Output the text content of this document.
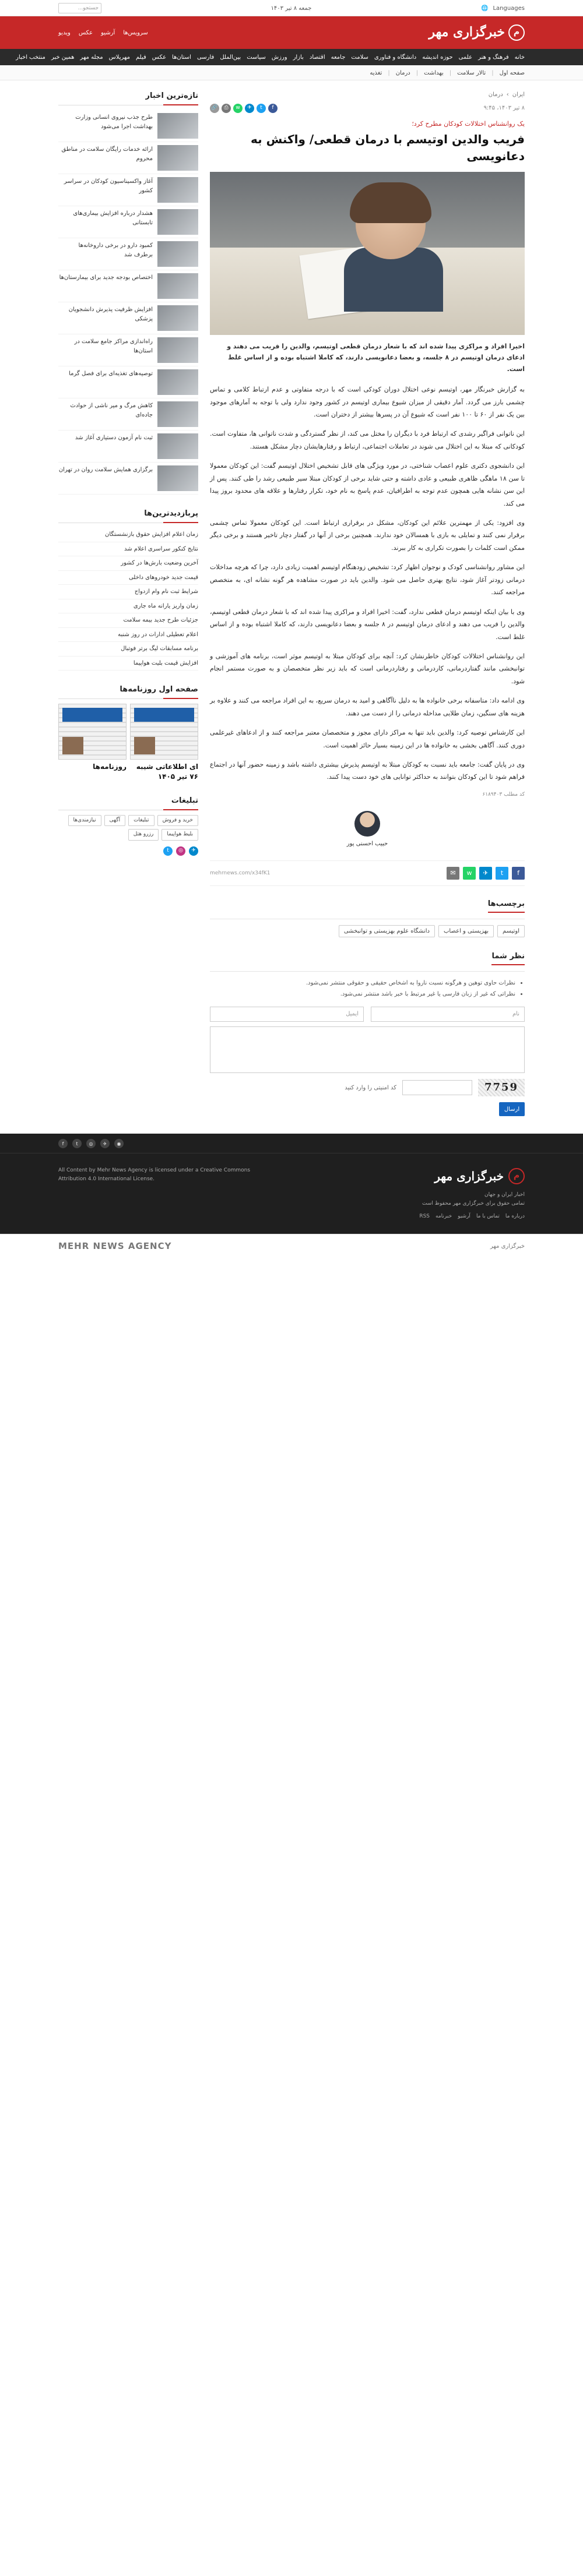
Languages
🌐
جمعه ۸ تیر ۱۴۰۳
جستجو...
م
خبرگزاری مهر
سرویس‌ها
آرشیو
عکس
ویدیو
خانه
فرهنگ و هنر
علمی
حوزه اندیشه
دانشگاه و فناوری
سلامت
جامعه
اقتصاد
بازار
ورزش
سیاست
بین‌الملل
فارسی
استان‌ها
عکس
فیلم
مهرپلاس
مجله مهر
همین خبر
منتخب اخبار
صفحه اول
|
تالار سلامت
|
بهداشت
|
درمان
|
تغذیه
ایران
›
درمان
۸ تیر ۱۴۰۳، ۹:۴۵
f
t
✈
w
⎙
🔗
یک روانشناس اختلالات کودکان مطرح کرد؛
فریب والدین اوتیسم با درمان قطعی/ واکنش به دعانویسی

اخیرا افراد و مراکزی پیدا شده اند که با شعار درمان قطعی اوتیسم، والدین را فریب می دهند و ادعای درمان اوتیسم در ۸ جلسه، و بعضا دعانویسی دارند، که کاملا اشتباه بوده و از اساس غلط است.

به گزارش خبرنگار مهر، اوتیسم نوعی اختلال دوران کودکی است که با درجه متفاوتی و عدم ارتباط کلامی و تماس چشمی بارز می گردد. آمار دقیقی از میزان شیوع بیماری اوتیسم در کشور وجود ندارد ولی با توجه به آمارهای موجود بین یک نفر از ۶۰ تا ۱۰۰ نفر است که شیوع آن در پسرها بیشتر از دختران است.

این ناتوانی فراگیر رشدی که ارتباط فرد با دیگران را مختل می کند، از نظر گستردگی و شدت ناتوانی ها، متفاوت است. کودکانی که مبتلا به این اختلال می شوند در تعاملات اجتماعی، ارتباط و رفتارهایشان دچار مشکل هستند.

این دانشجوی دکتری علوم اعصاب شناختی، در مورد ویژگی های قابل تشخیص اختلال اوتیسم گفت: این کودکان معمولا تا سن ۱۸ ماهگی ظاهری طبیعی و عادی داشته و حتی شاید برخی از کودکان مبتلا سیر طبیعی رشد را طی کنند. پس از این سن نشانه هایی همچون عدم توجه به اطرافیان، عدم پاسخ به نام خود، تکرار رفتارها و علاقه های محدود بروز پیدا می کند.

وی افزود: یکی از مهمترین علائم این کودکان، مشکل در برقراری ارتباط است. این کودکان معمولا تماس چشمی برقرار نمی کنند و تمایلی به بازی با همسالان خود ندارند. همچنین برخی از آنها در گفتار دچار تاخیر هستند و برخی دیگر ممکن است کلمات را بصورت تکراری به کار ببرند.

این مشاور روانشناسی کودک و نوجوان اظهار کرد: تشخیص زودهنگام اوتیسم اهمیت زیادی دارد، چرا که هرچه مداخلات درمانی زودتر آغاز شود، نتایج بهتری حاصل می شود. والدین باید در صورت مشاهده هر گونه نشانه ای، به متخصص مراجعه کنند.

وی با بیان اینکه اوتیسم درمان قطعی ندارد، گفت: اخیرا افراد و مراکزی پیدا شده اند که با شعار درمان قطعی اوتیسم، والدین را فریب می دهند و ادعای درمان اوتیسم در ۸ جلسه و بعضا دعانویسی دارند، که کاملا اشتباه بوده و از اساس غلط است.

این روانشناس اختلالات کودکان خاطرنشان کرد: آنچه برای کودکان مبتلا به اوتیسم موثر است، برنامه های آموزشی و توانبخشی مانند گفتاردرمانی، کاردرمانی و رفتاردرمانی است که باید زیر نظر متخصصان و به صورت مستمر انجام شود.

وی ادامه داد: متاسفانه برخی خانواده ها به دلیل ناآگاهی و امید به درمان سریع، به این افراد مراجعه می کنند و علاوه بر هزینه های سنگین، زمان طلایی مداخله درمانی را از دست می دهند.

این کارشناس توصیه کرد: والدین باید تنها به مراکز دارای مجوز و متخصصان معتبر مراجعه کنند و از ادعاهای غیرعلمی دوری کنند. آگاهی بخشی به خانواده ها در این زمینه بسیار حائز اهمیت است.

وی در پایان گفت: جامعه باید نسبت به کودکان مبتلا به اوتیسم پذیرش بیشتری داشته باشد و زمینه حضور آنها در اجتماع فراهم شود تا این کودکان بتوانند به حداکثر توانایی های خود دست پیدا کنند.

کد مطلب ۶۱۸۹۴۰۳
حبیب احسنی پور
f
t
✈
w
✉
mehrnews.com/x34fK1
برچسب‌ها
اوتیسم
بهزیستی و اعصاب
دانشگاه علوم بهزیستی و توانبخشی
نظر شما
• نظرات حاوی توهین و هرگونه نسبت ناروا به اشخاص حقیقی و حقوقی منتشر نمی‌شود.
• نظراتی که غیر از زبان فارسی یا غیر مرتبط با خبر باشد منتشر نمی‌شود.
نام
ایمیل
7759
کد امنیتی را وارد کنید
ارسال
تازه‌ترین اخبار
طرح جذب نیروی انسانی وزارت بهداشت اجرا می‌شود
ارائه خدمات رایگان سلامت در مناطق محروم
آغاز واکسیناسیون کودکان در سراسر کشور
هشدار درباره افزایش بیماری‌های تابستانی
کمبود دارو در برخی داروخانه‌ها برطرف شد
اختصاص بودجه جدید برای بیمارستان‌ها
افزایش ظرفیت پذیرش دانشجویان پزشکی
راه‌اندازی مراکز جامع سلامت در استان‌ها
توصیه‌های تغذیه‌ای برای فصل گرما
کاهش مرگ و میر ناشی از حوادث جاده‌ای
ثبت نام آزمون دستیاری آغاز شد
برگزاری همایش سلامت روان در تهران
پربازدیدترین‌ها
زمان اعلام افزایش حقوق بازنشستگان
نتایج کنکور سراسری اعلام شد
آخرین وضعیت بارش‌ها در کشور
قیمت جدید خودروهای داخلی
شرایط ثبت نام وام ازدواج
زمان واریز یارانه ماه جاری
جزئیات طرح جدید بیمه سلامت
اعلام تعطیلی ادارات در روز شنبه
برنامه مسابقات لیگ برتر فوتبال
افزایش قیمت بلیت هواپیما
صفحه اول روزنامه‌ها
ای اطلاعاتی شیبه ۷۶ تیر ۱۴۰۵
روزنامه‌ها
تبلیغات
خرید و فروش
تبلیغات
آگهی
نیازمندی‌ها
بلیط هواپیما
رزرو هتل
✈
◎
t
◉
✈
◎
t
f
م
خبرگزاری مهر
اخبار ایران و جهان
تمامی حقوق برای خبرگزاری مهر محفوظ است
درباره ما
تماس با ما
آرشیو
خبرنامه
RSS
All Content by Mehr News Agency is licensed under a Creative Commons
Attribution 4.0 International License.
خبرگزاری مهر
MEHR NEWS AGENCY
